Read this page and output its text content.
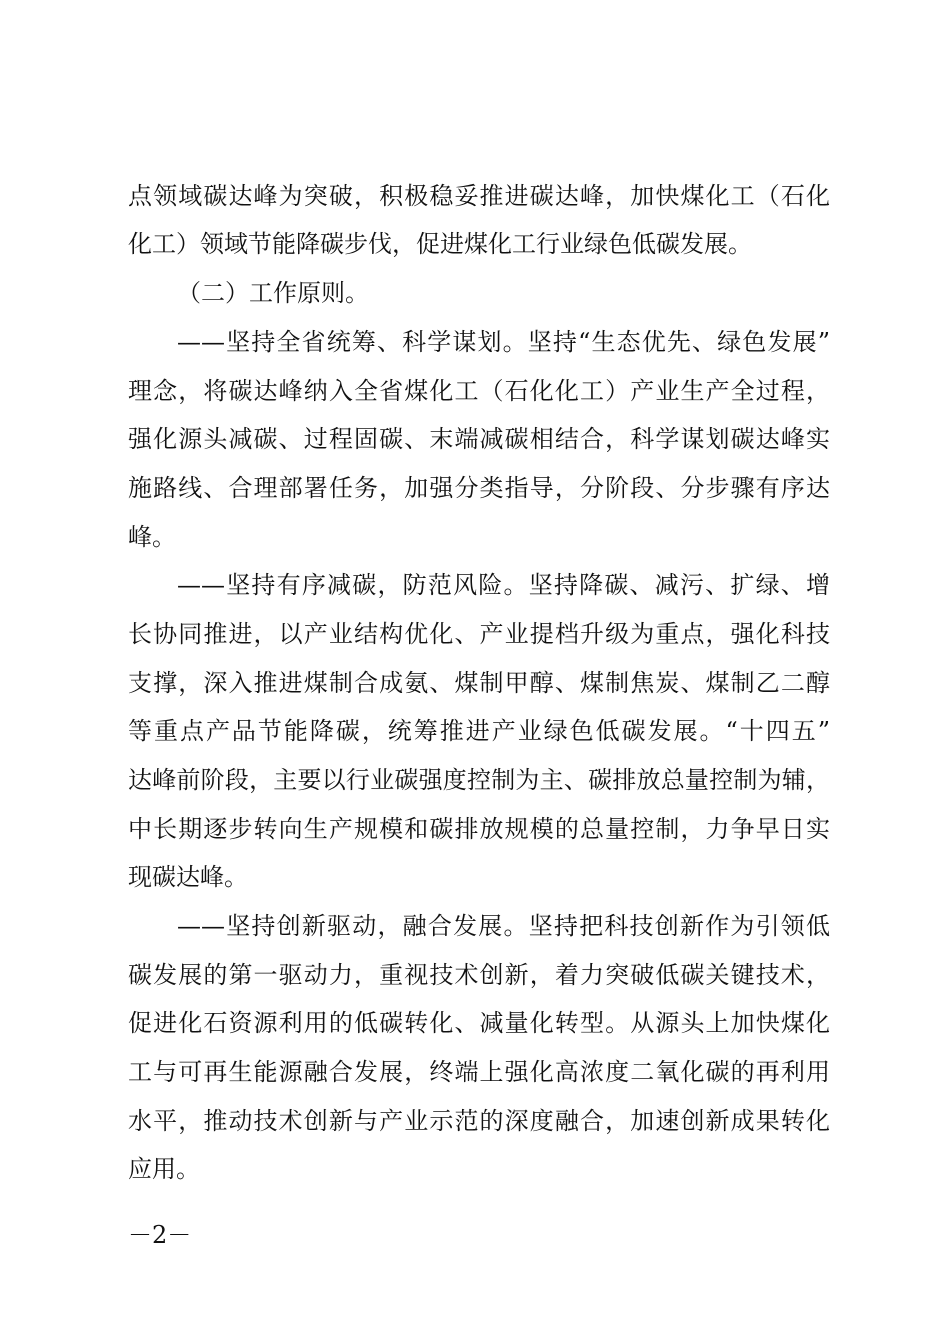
点领域碳达峰为突破，积极稳妥推进碳达峰，加快煤化工（石化
化工）领域节能降碳步伐，促进煤化工行业绿色低碳发展。
（二）工作原则。
——坚持全省统筹、科学谋划。坚持“生态优先、绿色发展”
理念，将碳达峰纳入全省煤化工（石化化工）产业生产全过程，
强化源头减碳、过程固碳、末端减碳相结合，科学谋划碳达峰实
施路线、合理部署任务，加强分类指导，分阶段、分步骤有序达
峰。
——坚持有序减碳，防范风险。坚持降碳、减污、扩绿、增
长协同推进，以产业结构优化、产业提档升级为重点，强化科技
支撑，深入推进煤制合成氨、煤制甲醇、煤制焦炭、煤制乙二醇
等重点产品节能降碳，统筹推进产业绿色低碳发展。“十四五”
达峰前阶段，主要以行业碳强度控制为主、碳排放总量控制为辅，
中长期逐步转向生产规模和碳排放规模的总量控制，力争早日实
现碳达峰。
——坚持创新驱动，融合发展。坚持把科技创新作为引领低
碳发展的第一驱动力，重视技术创新，着力突破低碳关键技术，
促进化石资源利用的低碳转化、减量化转型。从源头上加快煤化
工与可再生能源融合发展，终端上强化高浓度二氧化碳的再利用
水平，推动技术创新与产业示范的深度融合，加速创新成果转化
应用。
－2－
